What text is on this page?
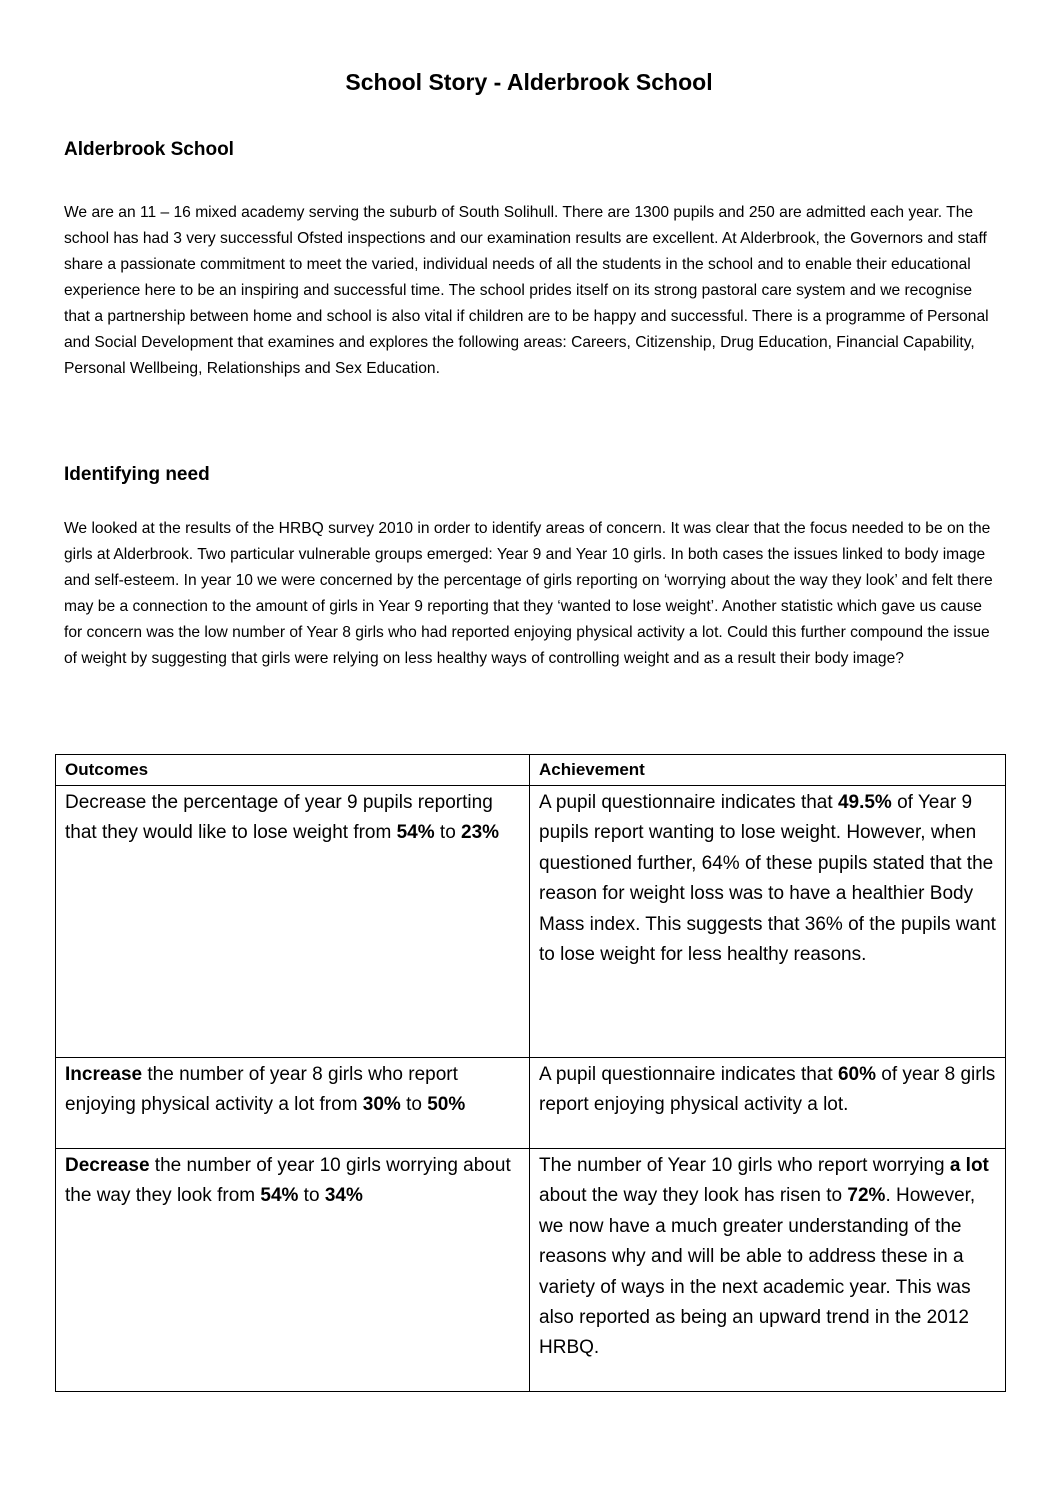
School Story - Alderbrook School
Alderbrook School

We are an 11 – 16 mixed academy serving the suburb of South Solihull. There are 1300 pupils and 250 are admitted each year. The school has had 3 very successful Ofsted inspections and our examination results are excellent. At Alderbrook, the Governors and staff share a passionate commitment to meet the varied, individual needs of all the students in the school and to enable their educational experience here to be an inspiring and successful time. The school prides itself on its strong pastoral care system and we recognise that a partnership between home and school is also vital if children are to be happy and successful. There is a programme of Personal and Social Development that examines and explores the following areas: Careers, Citizenship, Drug Education, Financial Capability, Personal Wellbeing, Relationships and Sex Education.

Identifying need

We looked at the results of the HRBQ survey 2010 in order to identify areas of concern. It was clear that the focus needed to be on the girls at Alderbrook. Two particular vulnerable groups emerged: Year 9 and Year 10 girls. In both cases the issues linked to body image and self-esteem. In year 10 we were concerned by the percentage of girls reporting on ‘worrying about the way they look’ and felt there may be a connection to the amount of girls in Year 9 reporting that they ‘wanted to lose weight’. Another statistic which gave us cause for concern was the low number of Year 8 girls who had reported enjoying physical activity a lot. Could this further compound the issue of weight by suggesting that girls were relying on less healthy ways of controlling weight and as a result their body image?

Outcomes	Achievement
Decrease the percentage of year 9 pupils reporting that they would like to lose weight from 54% to 23%	A pupil questionnaire indicates that 49.5% of Year 9 pupils report wanting to lose weight. However, when questioned further, 64% of these pupils stated that the reason for weight loss was to have a healthier Body Mass index. This suggests that 36% of the pupils want to lose weight for less healthy reasons.
Increase the number of year 8 girls who report enjoying physical activity a lot from 30% to 50%	A pupil questionnaire indicates that 60% of year 8 girls report enjoying physical activity a lot.
Decrease the number of year 10 girls worrying about the way they look from 54% to 34%	The number of Year 10 girls who report worrying a lot about the way they look has risen to 72%. However, we now have a much greater understanding of the reasons why and will be able to address these in a variety of ways in the next academic year. This was also reported as being an upward trend in the 2012 HRBQ.
